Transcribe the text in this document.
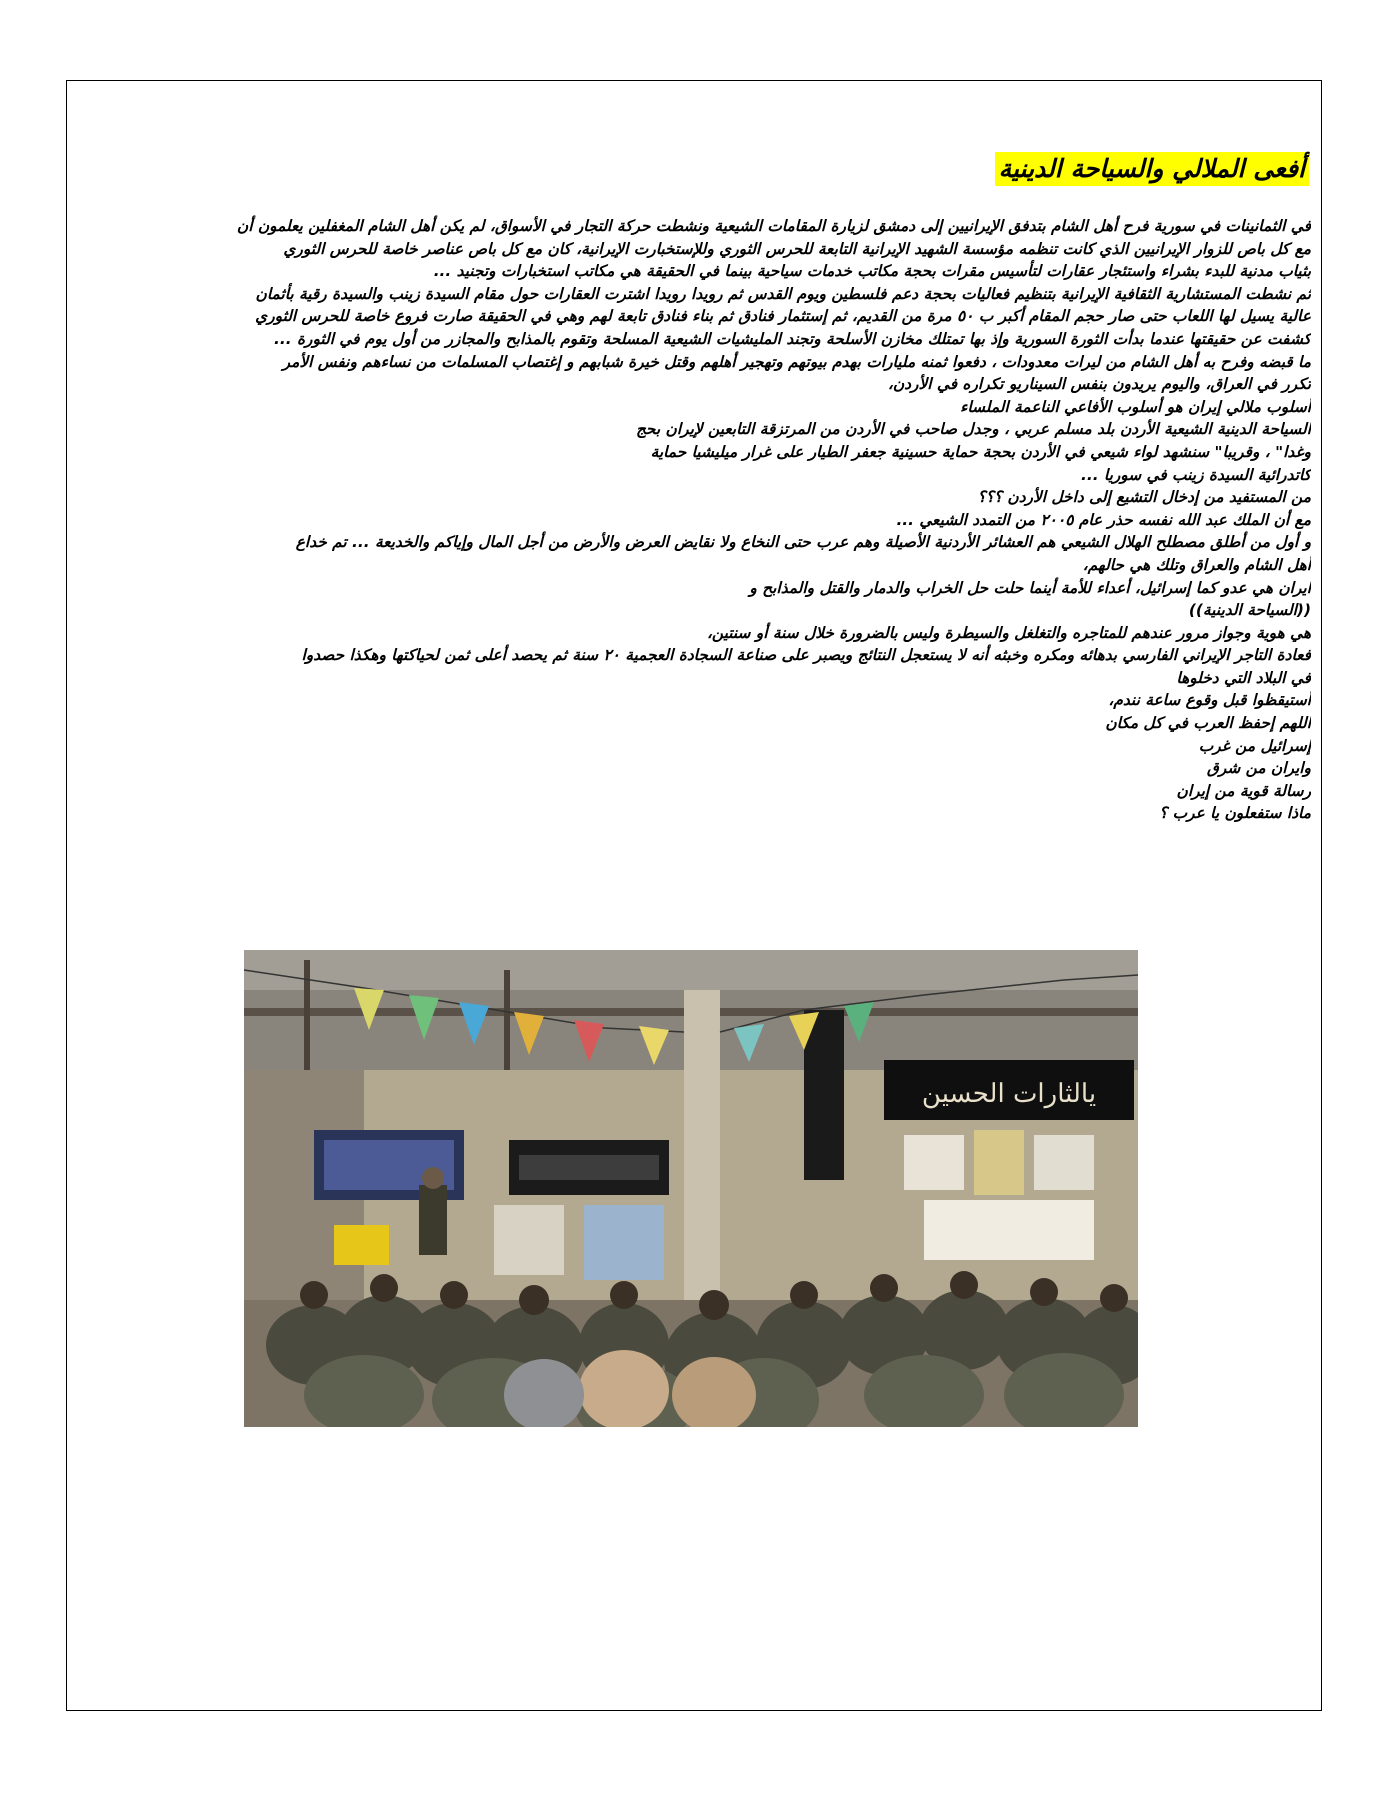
أفعى الملالي والسياحة الدينية
في الثمانينات في سورية فرح أهل الشام بتدفق الإيرانيين إلى دمشق لزيارة المقامات الشيعية ونشطت حركة التجار في الأسواق، لم يكن أهل الشام المغفلين يعلمون أن
مع كل باص للزوار الإيرانيين الذي كانت تنظمه مؤسسة الشهيد الإيرانية التابعة للحرس الثوري وللإستخبارت الإيرانية، كان مع كل باص عناصر خاصة للحرس الثوري
بثياب مدنية للبدء بشراء واستئجار عقارات لتأسيس مقرات بحجة مكاتب خدمات سياحية بينما في الحقيقة هي مكاتب استخبارات وتجنيد ...
ثم نشطت المستشارية الثقافية الإيرانية بتنظيم فعاليات بحجة دعم فلسطين ويوم القدس ثم رويدا رويدا اشترت العقارات حول مقام السيدة زينب والسيدة رقية بأثمان
عالية يسيل لها اللعاب حتى صار حجم المقام أكبر ب ٥٠ مرة من القديم، ثم إستثمار فنادق ثم بناء فنادق تابعة لهم وهي في الحقيقة صارت فروع خاصة للحرس الثوري
كشفت عن حقيقتها عندما بدأت الثورة السورية وإذ بها تمتلك مخازن الأسلحة وتجند المليشيات الشيعية المسلحة وتقوم بالمذابح والمجازر من أول يوم في الثورة ...
ما قبضه وفرح به أهل الشام من ليرات معدودات ، دفعوا ثمنه مليارات بهدم بيوتهم وتهجير أهلهم وقتل خيرة شبابهم و إغتصاب المسلمات من نساءهم ونفس الأمر
تكرر في العراق، واليوم يريدون بنفس السيناريو تكراره في الأردن،
أسلوب ملالي إيران هو أسلوب الأفاعي الناعمة الملساء
السياحة الدينية الشيعية الأردن بلد مسلم عربي ، وجدل صاحب في الأردن من المرتزقة التابعين لإيران بحج
وغدا" ، وقريبا" سنشهد لواء شيعي في الأردن بحجة حماية حسينية جعفر الطيار على غرار ميليشيا حماية
كاتدرائية السيدة زينب في سوريا ...
من المستفيد من إدخال التشيع إلى داخل الأردن ؟؟؟
مع أن الملك عبد الله نفسه حذر عام ٢٠٠٥ من التمدد الشيعي ...
و أول من أطلق مصطلح الهلال الشيعي هم العشائر الأردنية الأصيلة وهم عرب حتى النخاع ولا نقايض العرض والأرض من أجل المال وإياكم والخديعة ... تم خداع
أهل الشام والعراق وتلك هي حالهم،
ايران هي عدو كما إسرائيل، أعداء للأمة أينما حلت حل الخراب والدمار والقتل والمذابح و
((السياحة الدينية))
هي هوية وجواز مرور عندهم للمتاجره والتغلغل والسيطرة وليس بالضرورة خلال سنة أو سنتين،
فعادة التاجر الإيراني الفارسي بدهائه ومكره وخبثه أنه لا يستعجل النتائج ويصبر على صناعة السجادة العجمية ٢٠ سنة ثم يحصد أعلى ثمن لحياكتها وهكذا حصدوا
في البلاد التي دخلوها
أستيقظوا قبل وقوع ساعة نندم،
اللهم إحفظ العرب في كل مكان
إسرائيل من غرب
وايران من شرق
رسالة قوية من إيران
ماذا ستفعلون يا عرب ؟
يالثارات الحسين
